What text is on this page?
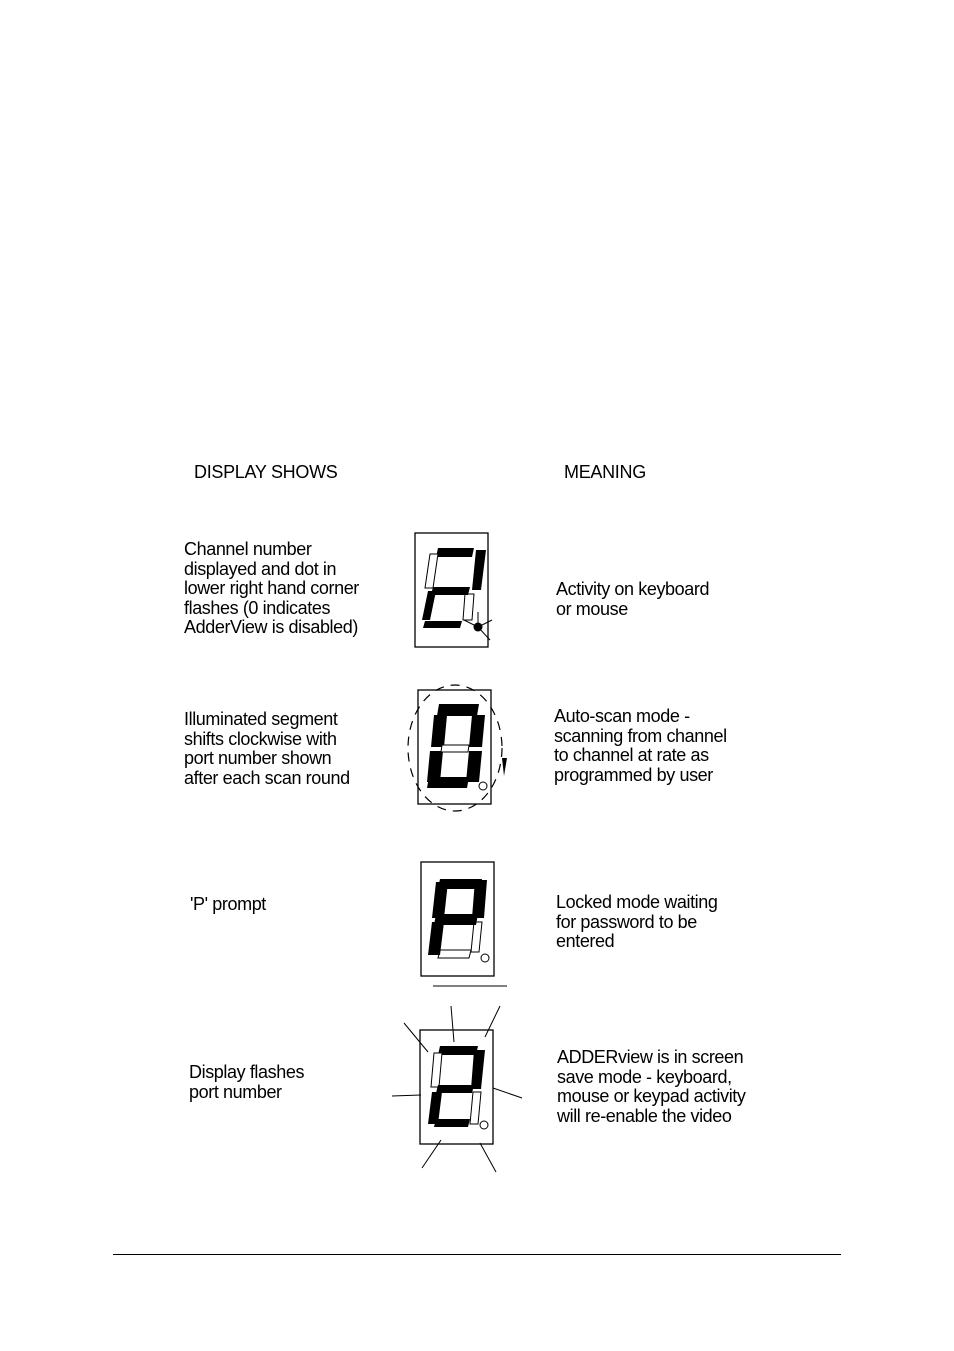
DISPLAY SHOWS	MEANING
Channel number
displayed and dot in
lower right hand corner
flashes (0 indicates
AdderView is disabled)
Activity on keyboard
or mouse
Illuminated segment
shifts clockwise with
port number shown
after each scan round
Auto-scan mode -
scanning from channel
to channel at rate as
programmed by user
'P' prompt	Locked mode waiting
for password to be
entered
Display flashes
port number
ADDERview is in screen
save mode - keyboard,
mouse or keypad activity
will re-enable the video
